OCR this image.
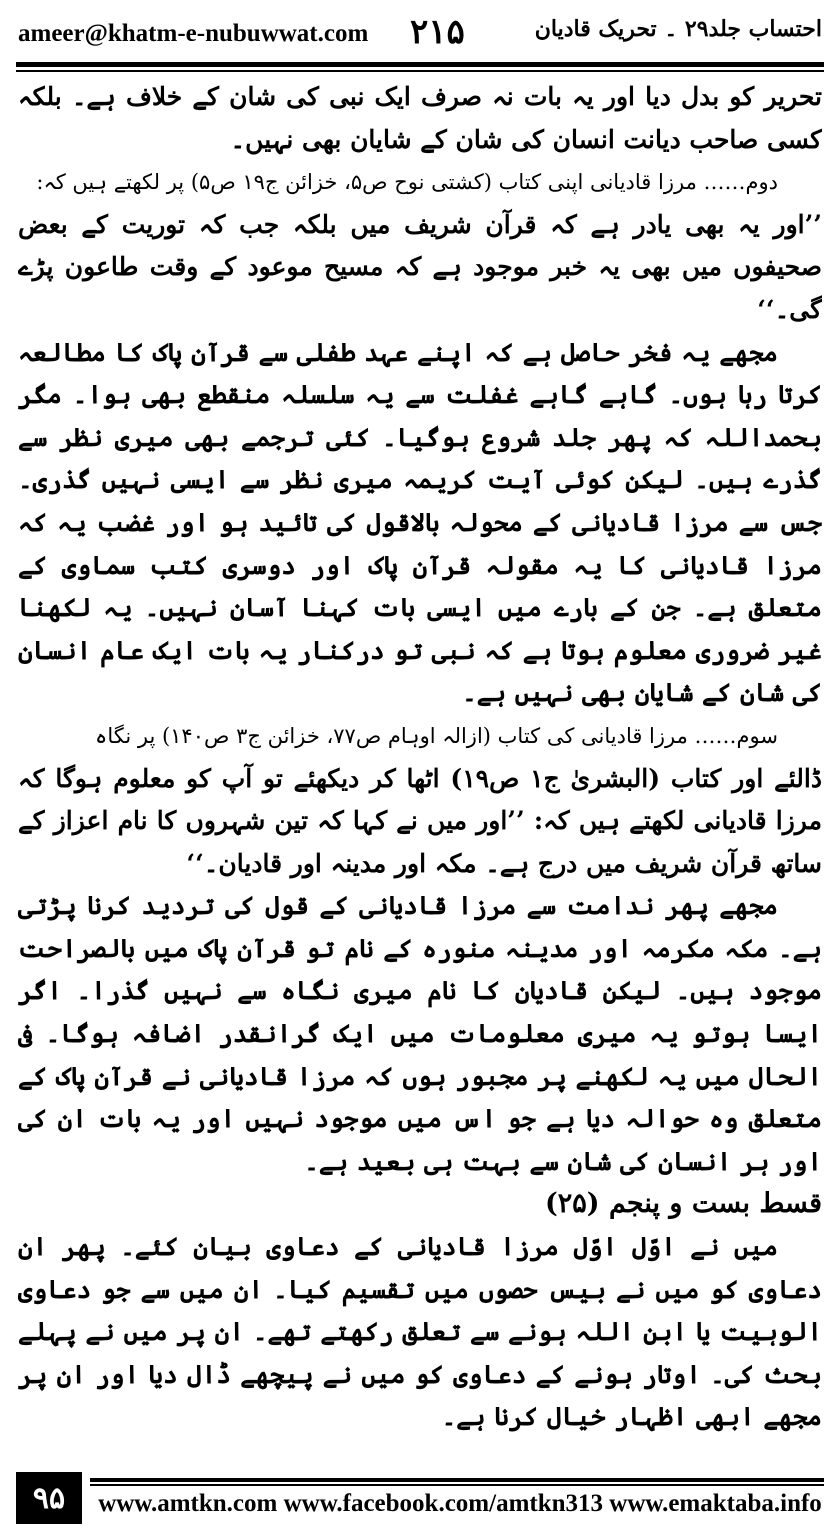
ameer@khatm-e-nubuwwat.com ۲۱۵	احتساب جلد۲۹ ۔ تحریک قادیان

تحریر کو بدل دیا اور یہ بات نہ صرف ایک نبی کی شان کے خلاف ہے۔ بلکہ کسی صاحب دیانت انسان کی شان کے شایان بھی نہیں۔

دوم…… مرزا قادیانی اپنی کتاب (کشتی نوح ص۵، خزائن ج۱۹ ص۵) پر لکھتے ہیں کہ:

’’اور یہ بھی یادر ہے کہ قرآن شریف میں بلکہ جب کہ توریت کے بعض صحیفوں میں بھی یہ خبر موجود ہے کہ مسیح موعود کے وقت طاعون پڑے گی۔‘‘

مجھے یہ فخر حاصل ہے کہ اپنے عہد طفلی سے قرآن پاک کا مطالعہ کرتا رہا ہوں۔ گاہے گاہے غفلت سے یہ سلسلہ منقطع بھی ہوا۔ مگر بحمداللہ کہ پھر جلد شروع ہوگیا۔ کئی ترجمے بھی میری نظر سے گذرے ہیں۔ لیکن کوئی آیت کریمہ میری نظر سے ایسی نہیں گذری۔ جس سے مرزا قادیانی کے محولہ بالاقول کی تائید ہو اور غضب یہ کہ مرزا قادیانی کا یہ مقولہ قرآن پاک اور دوسری کتب سماوی کے متعلق ہے۔ جن کے بارے میں ایسی بات کہنا آسان نہیں۔ یہ لکھنا غیر ضروری معلوم ہوتا ہے کہ نبی تو درکنار یہ بات ایک عام انسان کی شان کے شایان بھی نہیں ہے۔

سوم…… مرزا قادیانی کی کتاب (ازالہ اوہام ص۷۷، خزائن ج۳ ص۱۴۰) پر نگاہ

ڈالئے اور کتاب (البشریٰ ج۱ ص۱۹) اٹھا کر دیکھئے تو آپ کو معلوم ہوگا کہ مرزا قادیانی لکھتے ہیں کہ: ’’اور میں نے کہا کہ تین شہروں کا نام اعزاز کے ساتھ قرآن شریف میں درج ہے۔ مکہ اور مدینہ اور قادیان۔‘‘

مجھے پھر ندامت سے مرزا قادیانی کے قول کی تردید کرنا پڑتی ہے۔ مکہ مکرمہ اور مدینہ منورہ کے نام تو قرآن پاک میں بالصراحت موجود ہیں۔ لیکن قادیان کا نام میری نگاہ سے نہیں گذرا۔ اگر ایسا ہوتو یہ میری معلومات میں ایک گرانقدر اضافہ ہوگا۔ فی الحال میں یہ لکھنے پر مجبور ہوں کہ مرزا قادیانی نے قرآن پاک کے متعلق وہ حوالہ دیا ہے جو اس میں موجود نہیں اور یہ بات ان کی اور ہر انسان کی شان سے بہت ہی بعید ہے۔

قسط بست و پنجم (۲۵)

میں نے اوّل اوّل مرزا قادیانی کے دعاوی بیان کئے۔ پھر ان دعاوی کو میں نے بیس حصوں میں تقسیم کیا۔ ان میں سے جو دعاوی الوہیت یا ابن اللہ ہونے سے تعلق رکھتے تھے۔ ان پر میں نے پہلے بحث کی۔ اوتار ہونے کے دعاوی کو میں نے پیچھے ڈال دیا اور ان پر مجھے ابھی اظہار خیال کرنا ہے۔

۹۵	www.amtkn.com www.facebook.com/amtkn313 www.emaktaba.info
